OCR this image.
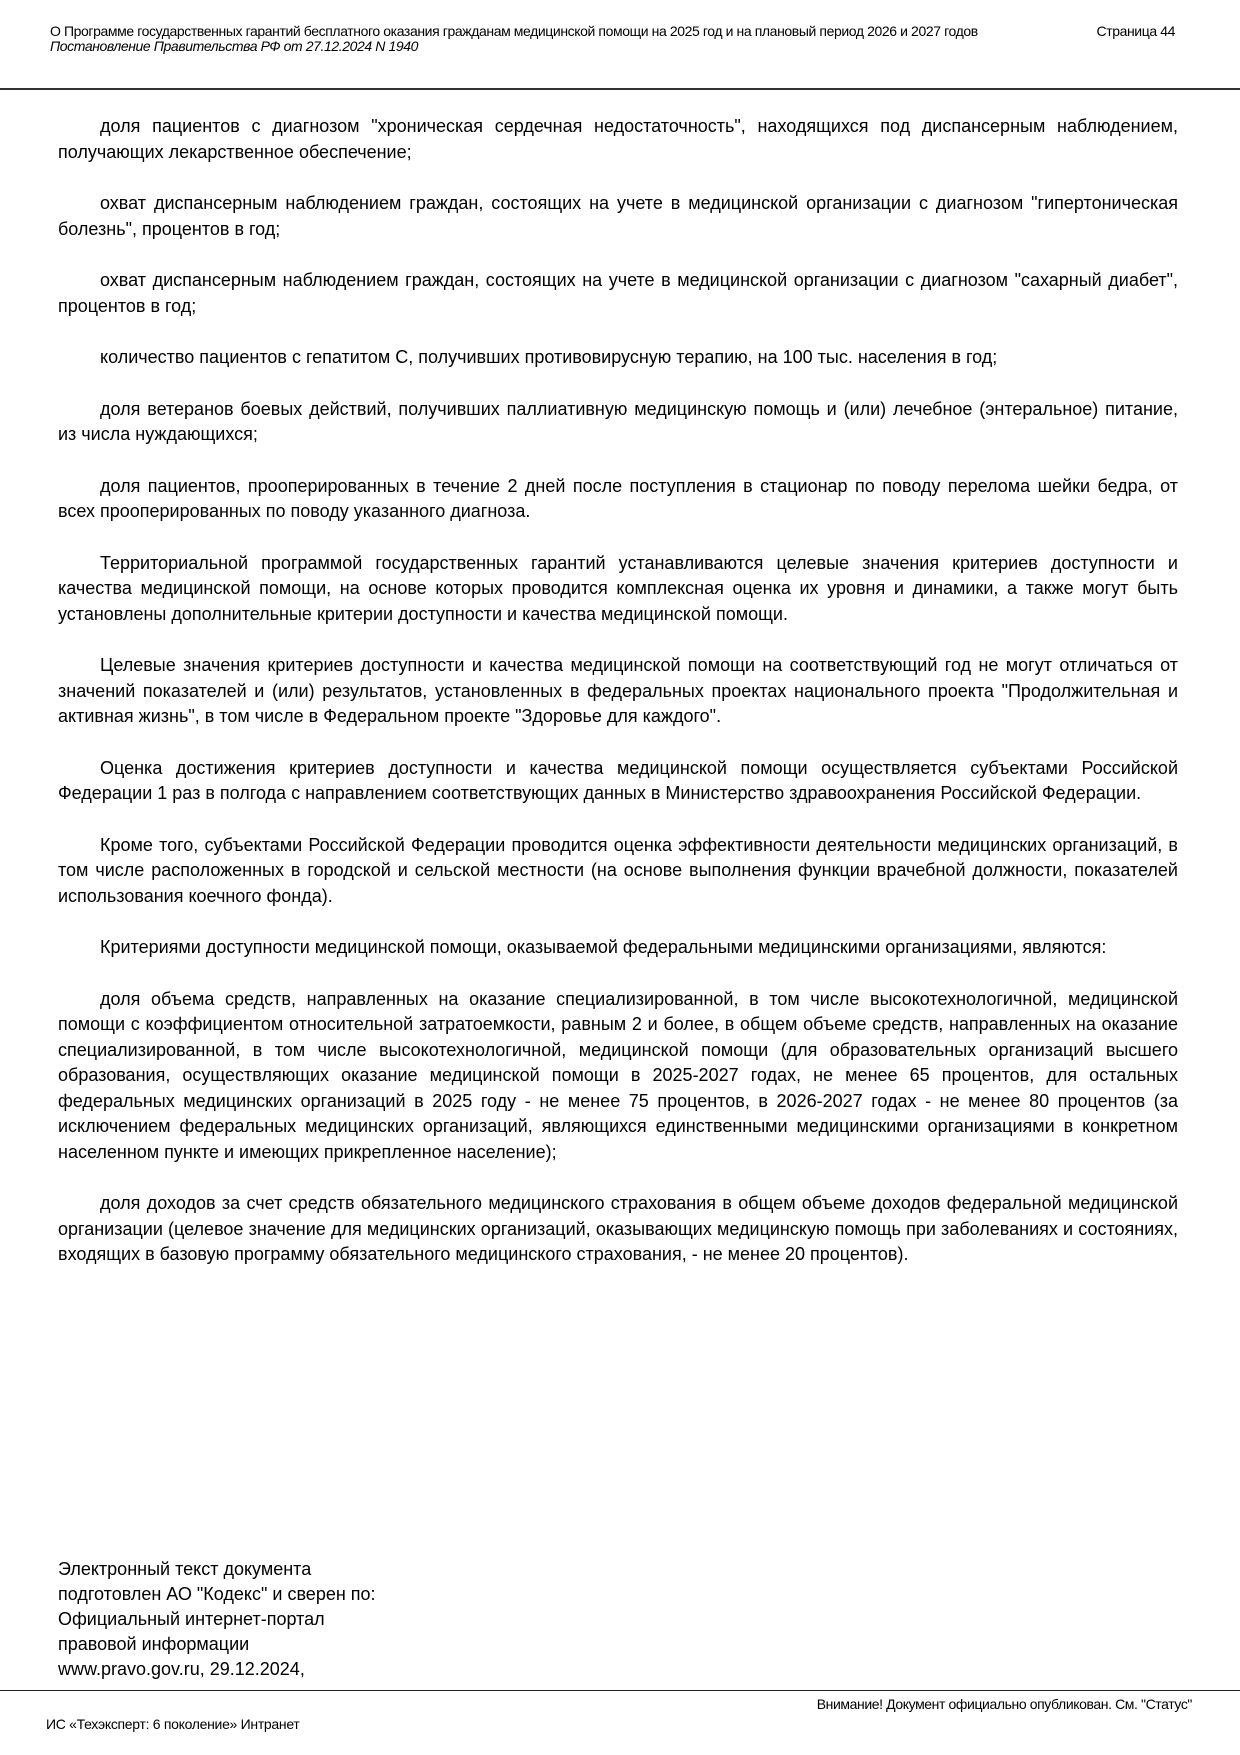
О Программе государственных гарантий бесплатного оказания гражданам медицинской помощи на 2025 год и на плановый период 2026 и 2027 годов	Страница 44
Постановление Правительства РФ от 27.12.2024 N 1940

доля пациентов с диагнозом "хроническая сердечная недостаточность", находящихся под диспансерным наблюдением, получающих лекарственное обеспечение;

охват диспансерным наблюдением граждан, состоящих на учете в медицинской организации с диагнозом "гипертоническая болезнь", процентов в год;

охват диспансерным наблюдением граждан, состоящих на учете в медицинской организации с диагнозом "сахарный диабет", процентов в год;

количество пациентов с гепатитом C, получивших противовирусную терапию, на 100 тыс. населения в год;

доля ветеранов боевых действий, получивших паллиативную медицинскую помощь и (или) лечебное (энтеральное) питание, из числа нуждающихся;

доля пациентов, прооперированных в течение 2 дней после поступления в стационар по поводу перелома шейки бедра, от всех прооперированных по поводу указанного диагноза.

Территориальной программой государственных гарантий устанавливаются целевые значения критериев доступности и качества медицинской помощи, на основе которых проводится комплексная оценка их уровня и динамики, а также могут быть установлены дополнительные критерии доступности и качества медицинской помощи.

Целевые значения критериев доступности и качества медицинской помощи на соответствующий год не могут отличаться от значений показателей и (или) результатов, установленных в федеральных проектах национального проекта "Продолжительная и активная жизнь", в том числе в Федеральном проекте "Здоровье для каждого".

Оценка достижения критериев доступности и качества медицинской помощи осуществляется субъектами Российской Федерации 1 раз в полгода с направлением соответствующих данных в Министерство здравоохранения Российской Федерации.

Кроме того, субъектами Российской Федерации проводится оценка эффективности деятельности медицинских организаций, в том числе расположенных в городской и сельской местности (на основе выполнения функции врачебной должности, показателей использования коечного фонда).

Критериями доступности медицинской помощи, оказываемой федеральными медицинскими организациями, являются:

доля объема средств, направленных на оказание специализированной, в том числе высокотехнологичной, медицинской помощи с коэффициентом относительной затратоемкости, равным 2 и более, в общем объеме средств, направленных на оказание специализированной, в том числе высокотехнологичной, медицинской помощи (для образовательных организаций высшего образования, осуществляющих оказание медицинской помощи в 2025-2027 годах, не менее 65 процентов, для остальных федеральных медицинских организаций в 2025 году - не менее 75 процентов, в 2026-2027 годах - не менее 80 процентов (за исключением федеральных медицинских организаций, являющихся единственными медицинскими организациями в конкретном населенном пункте и имеющих прикрепленное население);

доля доходов за счет средств обязательного медицинского страхования в общем объеме доходов федеральной медицинской организации (целевое значение для медицинских организаций, оказывающих медицинскую помощь при заболеваниях и состояниях, входящих в базовую программу обязательного медицинского страхования, - не менее 20 процентов).

Электронный текст документа
подготовлен АО "Кодекс" и сверен по:
Официальный интернет-портал
правовой информации
www.pravo.gov.ru, 29.12.2024,
Внимание! Документ официально опубликован. См. "Статус"
ИС «Техэксперт: 6 поколение» Интранет
